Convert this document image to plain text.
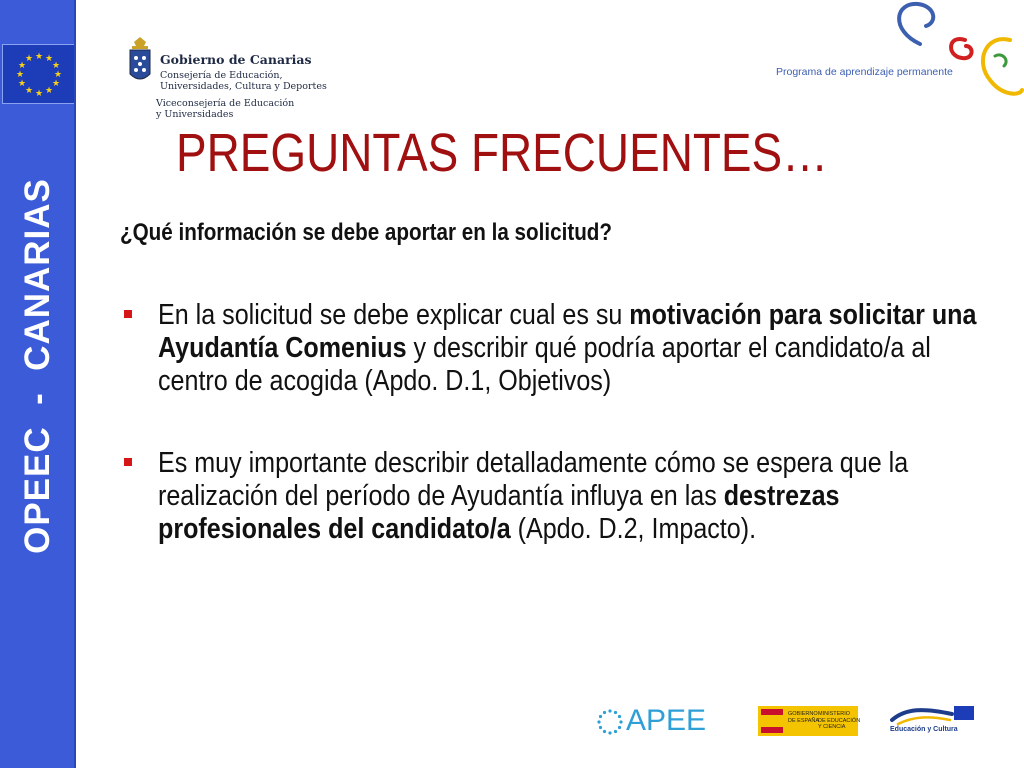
★ ★
★
★
★
★
★
★
★
★
★
★
OPEEC  -  CANARIAS
Gobierno de Canarias
Consejería de Educación,
Universidades, Cultura y Deportes
Viceconsejería de Educación
y Universidades
Programa de aprendizaje permanente
PREGUNTAS FRECUENTES…
¿Qué información se debe aportar en la solicitud?
En la solicitud se debe explicar cual es su motivación para solicitar una Ayudantía Comenius y describir qué podría aportar el candidato/a al centro de acogida (Apdo. D.1, Objetivos)
Es muy importante describir detalladamente cómo se espera que la realización del período de Ayudantía influya en las destrezas profesionales del candidato/a (Apdo. D.2, Impacto).
APEE	GOBIERNO
DE ESPAÑA
MINISTERIO
DE EDUCACIÓN
Y CIENCIA	Educación y Cultura
